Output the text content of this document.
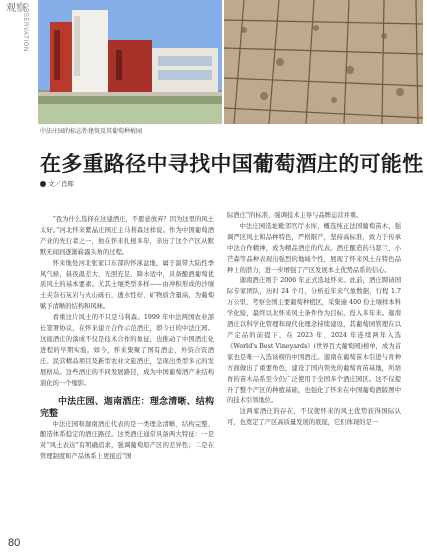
观察
OBSERVATION
中法庄园的标志性建筑及其葡萄种植园
在多重路径中寻找中国葡萄酒庄的可能性
文／肖晖

“我为什么选择在这建酒庄，不愿意放弃？因为这里的风土太好。”河北怀来紫晶庄园庄主马利森这样说。作为中国葡萄酒产业的先行者之一，他在怀来扎根多年，亲历了这个产区从默默无闻到逐渐崭露头角的过程。

怀来地处河北张家口东部的怀涿盆地，属于温带大陆性季风气候，昼夜温差大、光照充足、降水适中，具备酿酒葡萄优质风土的基本要素。尤其土壤类型多样——由冲积形成的沙壤土夹杂石灰岩与火山砾石，透水性好、矿物质含量高，为葡萄赋予清晰的结构和风味。

看重这片风土的不只是马利森。1999 年中法两国农业部长签署协议，在怀来建立合作示范酒庄，即今日的中法庄园。这座酒庄的落成不仅是技术合作的象征，也推动了中国酒庄化进程的早期实验。如今，怀来集聚了国有酒企、外资合资酒庄、民营精品项目及新型农业文旅酒庄，呈现出类型多元的发展格局。这些酒庄的不同发展路径，成为中国葡萄酒产业结构演化的一个缩影。

中法庄园、迦南酒庄：理念清晰、结构完整

中法庄园和迦南酒庄代表的是一类理念清晰、结构完整、酿造体系稳定的酒庄路径。这类酒庄通常具备两大特征：一是对“风土表达”有明确追求，强调葡萄原产区的差异性；二是在管理制度和产品体系上更接近“国

际酒庄”的标准，强调技术主导与品牌运营并重。

中法庄园选址毗邻官厅水库，概选纯正法国葡萄苗木，强调严区风土和品种特色，严格限产，坚持高标准，致力于传承中法合作精神，成为精品酒庄的代表。酒庄酿造的马瑟兰、小芒森等品种表现出强烈的地域个性，展现了怀来风土在特色品种上的潜力，进一步增强了产区发展本土优势品系的信心。

迦南酒庄则于 2006 年正式选址怀来。此前，酒庄聘请国际专家团队，历时 24 个月，分析近年来气象数据，行程 1.7 万公里，考察全国主要葡萄种植区，采集逾 400 份土壤样本科学化验，最终以北怀来风土条件作为目标，投入多年来。迦南酒庄以科学化管理和现代化理念持续建设，其葡萄园管理在以产定品的前提下，在 2023 年、2024 年连续两年入选《World's Best Vineyards》(世界百大葡萄园)榜单，成为首家也是唯一入选该榜的中国酒庄。迦南在葡萄苗木引进与育种方面做出了重要角色，建设了国内领先的葡萄育苗基地，所培育的苗木品系至今仍广泛使用于全国多个酒庄园区。这不仅提升了整个产区的种植基础，也强化了怀来在中国葡萄酒版图中的技术引领地位。

这两家酒庄的存在，不仅使怀来的风土优势获得国际认可，也奠定了产区高质量发展的底座，它们体现的是一

80
